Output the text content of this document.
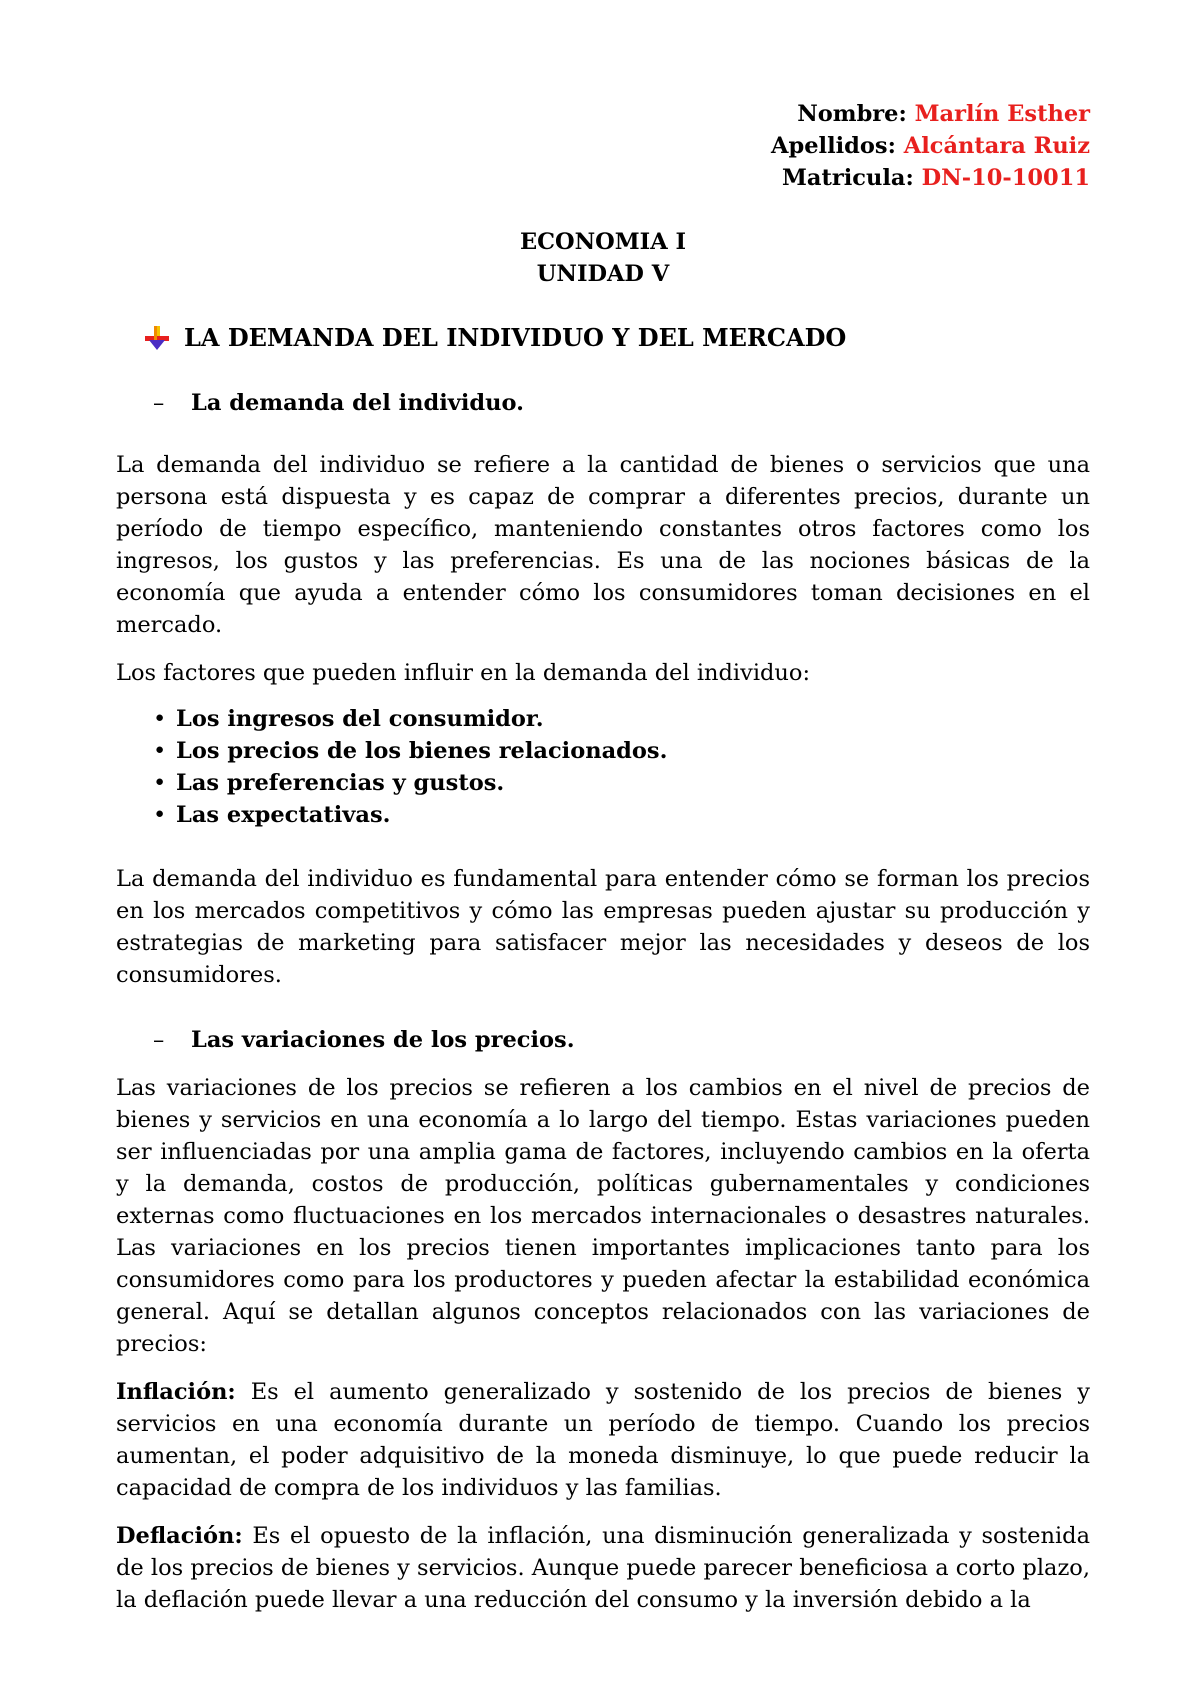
Nombre: Marlín Esther
Apellidos: Alcántara Ruiz
Matricula: DN-10-10011
ECONOMIA I
UNIDAD V
LA DEMANDA DEL INDIVIDUO Y DEL MERCADO
–	La demanda del individuo.

La demanda del individuo se refiere a la cantidad de bienes o servicios que una persona está dispuesta y es capaz de comprar a diferentes precios, durante un período de tiempo específico, manteniendo constantes otros factores como los ingresos, los gustos y las preferencias. Es una de las nociones básicas de la economía que ayuda a entender cómo los consumidores toman decisiones en el mercado.

Los factores que pueden influir en la demanda del individuo:

• Los ingresos del consumidor.
• Los precios de los bienes relacionados.
• Las preferencias y gustos.
• Las expectativas.

La demanda del individuo es fundamental para entender cómo se forman los precios en los mercados competitivos y cómo las empresas pueden ajustar su producción y estrategias de marketing para satisfacer mejor las necesidades y deseos de los consumidores.

–	Las variaciones de los precios.

Las variaciones de los precios se refieren a los cambios en el nivel de precios de bienes y servicios en una economía a lo largo del tiempo. Estas variaciones pueden ser influenciadas por una amplia gama de factores, incluyendo cambios en la oferta y la demanda, costos de producción, políticas gubernamentales y condiciones externas como fluctuaciones en los mercados internacionales o desastres naturales. Las variaciones en los precios tienen importantes implicaciones tanto para los consumidores como para los productores y pueden afectar la estabilidad económica general. Aquí se detallan algunos conceptos relacionados con las variaciones de precios:

Inflación: Es el aumento generalizado y sostenido de los precios de bienes y servicios en una economía durante un período de tiempo. Cuando los precios aumentan, el poder adquisitivo de la moneda disminuye, lo que puede reducir la capacidad de compra de los individuos y las familias.

Deflación: Es el opuesto de la inflación, una disminución generalizada y sostenida de los precios de bienes y servicios. Aunque puede parecer beneficiosa a corto plazo, la deflación puede llevar a una reducción del consumo y la inversión debido a la
